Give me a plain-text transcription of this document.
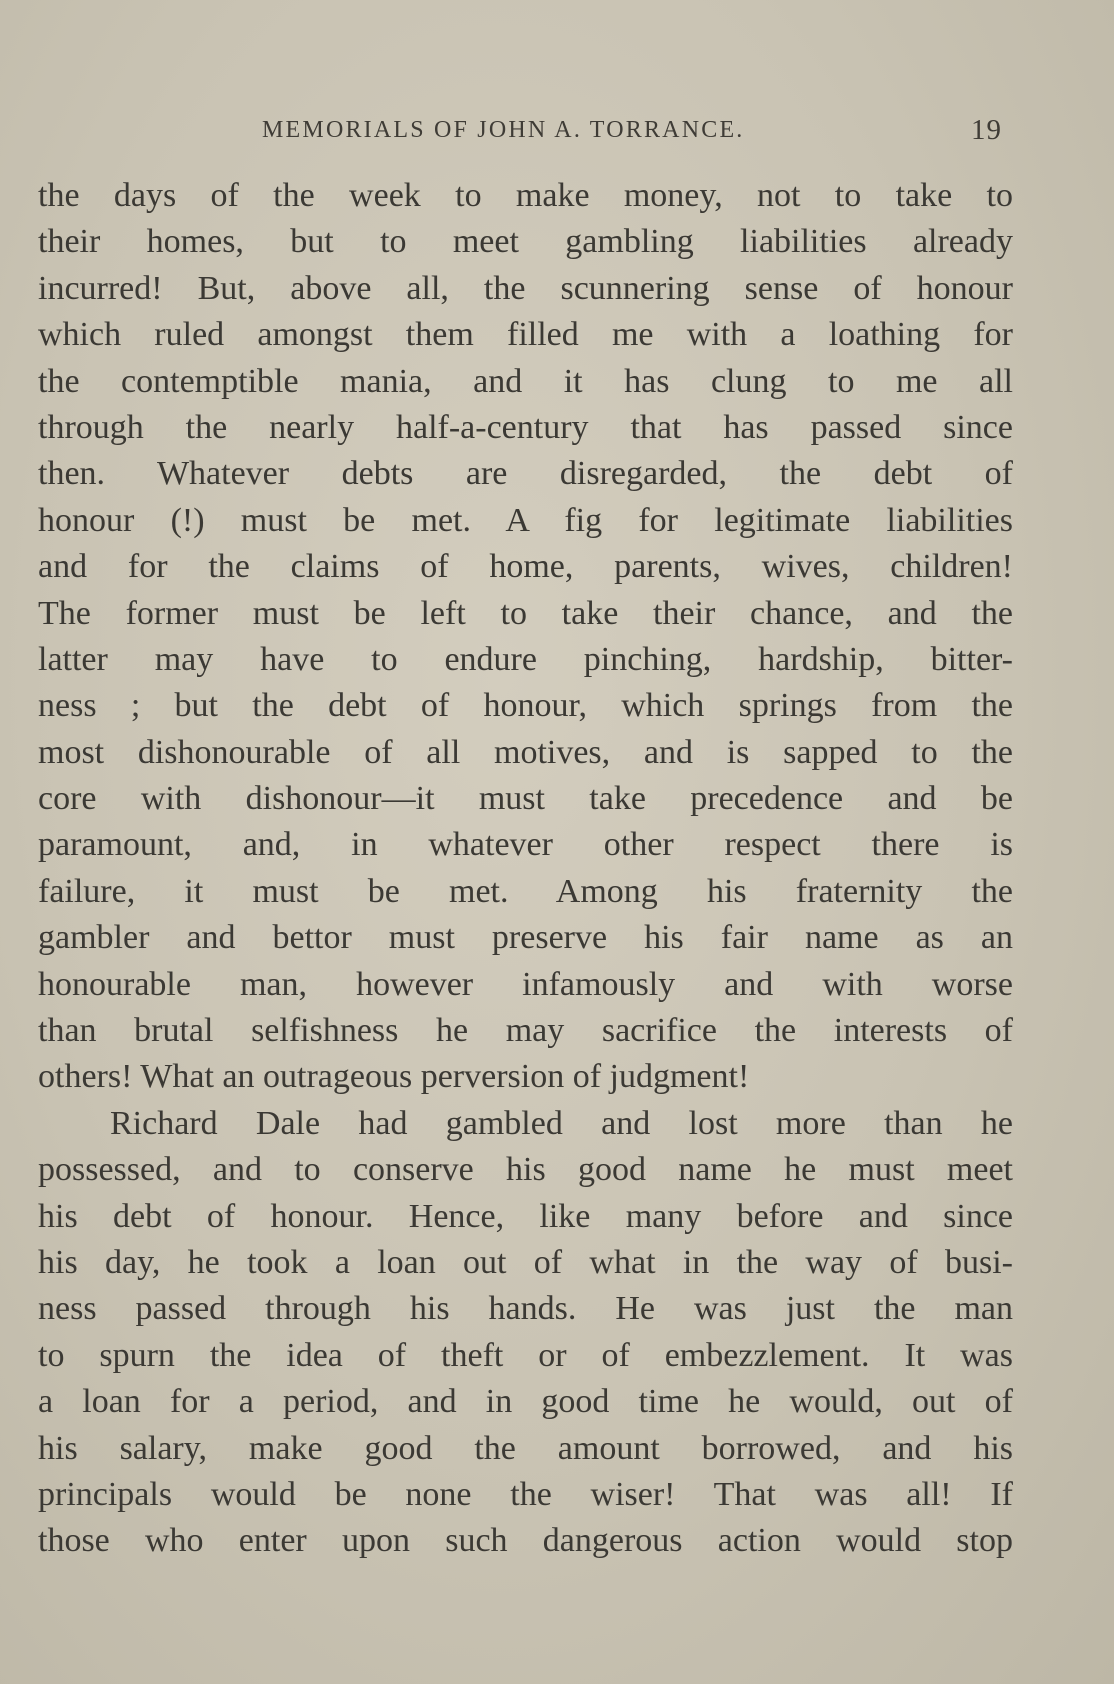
MEMORIALS OF JOHN A. TORRANCE.	19
the days of the week to make money, not to take to
their homes, but to meet gambling liabilities already
incurred! But, above all, the scunnering sense of honour
which ruled amongst them filled me with a loathing for
the contemptible mania, and it has clung to me all
through the nearly half-a-century that has passed since
then. Whatever debts are disregarded, the debt of
honour (!) must be met. A fig for legitimate liabilities
and for the claims of home, parents, wives, children!
The former must be left to take their chance, and the
latter may have to endure pinching, hardship, bitter-
ness ; but the debt of honour, which springs from the
most dishonourable of all motives, and is sapped to the
core with dishonour—it must take precedence and be
paramount, and, in whatever other respect there is
failure, it must be met. Among his fraternity the
gambler and bettor must preserve his fair name as an
honourable man, however infamously and with worse
than brutal selfishness he may sacrifice the interests of
others! What an outrageous perversion of judgment!
Richard Dale had gambled and lost more than he
possessed, and to conserve his good name he must meet
his debt of honour. Hence, like many before and since
his day, he took a loan out of what in the way of busi-
ness passed through his hands. He was just the man
to spurn the idea of theft or of embezzlement. It was
a loan for a period, and in good time he would, out of
his salary, make good the amount borrowed, and his
principals would be none the wiser! That was all! If
those who enter upon such dangerous action would stop
